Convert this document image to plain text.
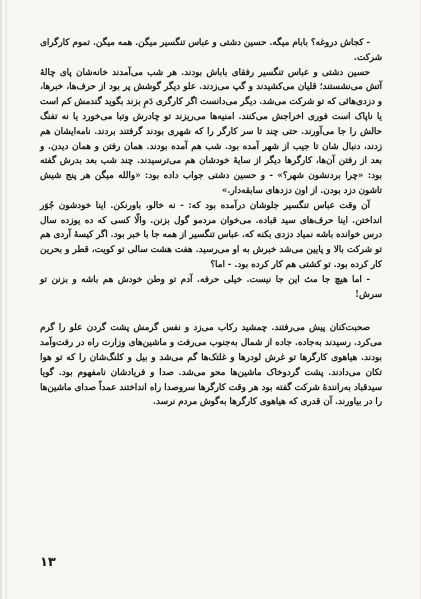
- کجاش دروغه؟ بابام میگه. حسین دشتی و عباس تنگسیر میگن. همه میگن. تموم کارگرای شرکت.

حسین دشتی و عباس تنگسیر رفقای باباش بودند. هر شب می‌آمدند خانه‌شان پای چالهٔ آتش می‌نشستند؛ قلیان می‌کشیدند و گپ می‌زدند. علو دیگر گوشش پر بود از حرف‌ها، خبرها، و دزدی‌هائی که تو شرکت می‌شد. دیگر می‌دانست اگر کارگری دَمِ بزند بگوید گندمش کم است یا ناپاک است فوری اخراجش می‌کنند. امنیه‌ها می‌ریزند تو چادرش وتبا می‌خورد یا نه تفنگ حالش را جا می‌آورند. حتی چند تا سر کارگر را که شهری بودند گرفتند بردند. نامه‌ایشان هم زدند، دنبال شان تا جیب از شهر آمده بود. شب هم آمده بودند. همان رفتن و همان دیدن. و بعد از رفتن آن‌ها، کارگرها دیگر از سایهٔ خودشان هم می‌ترسیدند. چند شب بعد بدرش گفته بود: «چرا بردنشون شهر؟» - و حسین دشتی جواب داده بود: «والله میگن هر پنج شیش تاشون دزد بودن. از اون دزدهای سابقه‌دار.»

آن وقت عباس تنگسیر جلوشان درآمده بود که: - نه خالو، باورنکن. اینا خودشون جُوَر انداختن. اینا حرف‌های سید قباده. می‌خوان مردمو گول بزنن. والّا کسی که ده یوزده سال درس خوانده باشه نمیاد دزدی بکنه که. عباس تنگسیر از همه جا با خبر بود. اگر کیسهٔ آردی هم تو شرکت بالا و پایین می‌شد خبرش به او می‌رسید. هفت هشت سالی تو کویت، قطر و بحرین کار کرده بود. تو کشتی هم کار کرده بود. - اما؟

- اما هیچ جا مث این جا نیست. خیلی حرفه. آدم تو وطن خودش هم باشه و بزنن تو سرش!

صحبت‌کنان پیش می‌رفتند. چمشید رکاب می‌زد و نفس گرمش پشت گردن علو را گرم می‌کرد. رسیدند به‌جاده. جاده از شمال به‌جنوب می‌رفت و ماشین‌های وزارت راه در رفت‌وآمد بودند. هیاهوی کارگرها تو غرش لودرها و غلتک‌ها گم می‌شد و بیل و کلنگ‌شان را که تو هوا تکان می‌دادند. پشت گردوخاک ماشین‌ها محو می‌شد. صدا و فریادشان نامفهوم بود. گویا سیدقباد به‌رانندهٔ شرکت گفته بود هر وقت کارگرها سروصدا راه انداختند عمداً صدای ماشین‌ها را در بیاورند. آن قدری که هیاهوی کارگرها به‌گوش مردم نرسد.

۱۳
